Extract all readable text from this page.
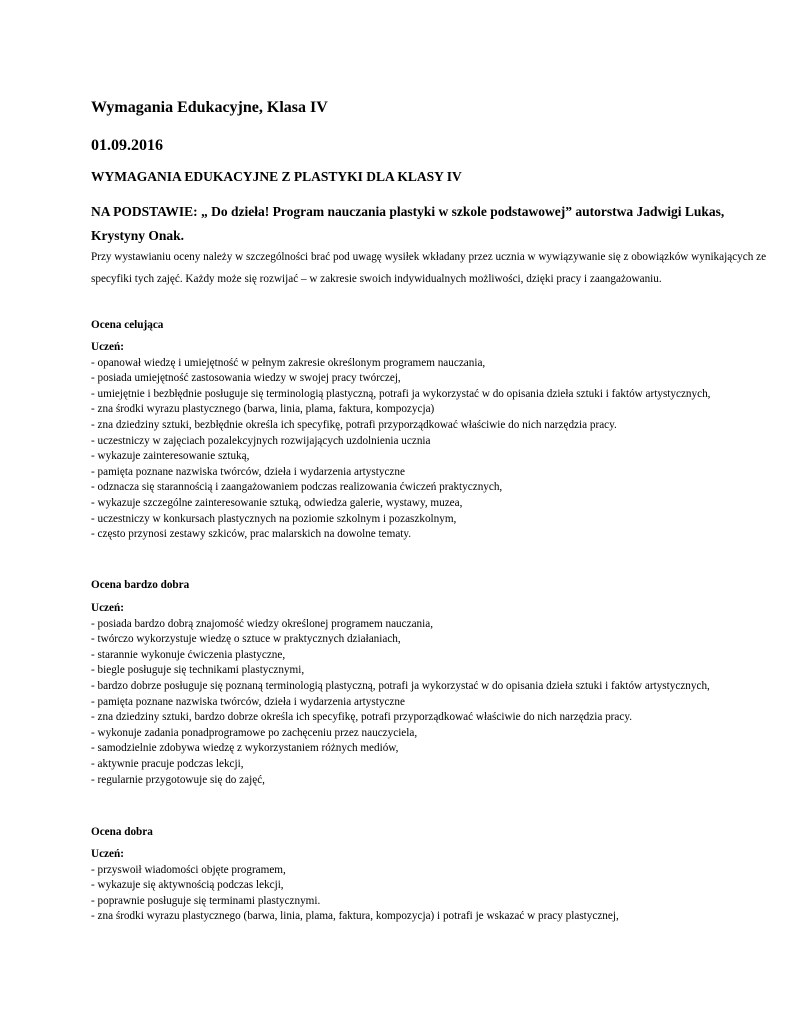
Wymagania Edukacyjne, Klasa IV
01.09.2016
WYMAGANIA EDUKACYJNE Z PLASTYKI DLA KLASY IV
NA PODSTAWIE: „ Do dzieła! Program nauczania plastyki w szkole podstawowej” autorstwa Jadwigi Lukas, Krystyny Onak.
Przy wystawianiu oceny należy w szczególności brać pod uwagę wysiłek wkładany przez ucznia w wywiązywanie się z obowiązków wynikających ze specyfiki tych zajęć. Każdy może się rozwijać – w zakresie swoich indywidualnych możliwości, dzięki pracy i zaangażowaniu.
Ocena celująca
Uczeń:
- opanował wiedzę i umiejętność w pełnym zakresie określonym programem nauczania,
- posiada umiejętność zastosowania wiedzy w swojej pracy twórczej,
- umiejętnie i bezbłędnie posługuje się terminologią plastyczną, potrafi ja wykorzystać w do opisania dzieła sztuki i faktów artystycznych,
- zna środki wyrazu plastycznego (barwa, linia, plama, faktura, kompozycja)
- zna dziedziny sztuki, bezbłędnie określa ich specyfikę, potrafi przyporządkować właściwie do nich narzędzia pracy.
- uczestniczy w zajęciach pozalekcyjnych rozwijających uzdolnienia ucznia
- wykazuje zainteresowanie sztuką,
- pamięta poznane nazwiska twórców, dzieła i wydarzenia artystyczne
- odznacza się starannością i zaangażowaniem podczas realizowania ćwiczeń praktycznych,
- wykazuje szczególne zainteresowanie sztuką, odwiedza galerie, wystawy, muzea,
- uczestniczy w konkursach plastycznych na poziomie szkolnym i pozaszkolnym,
- często przynosi zestawy szkiców, prac malarskich na dowolne tematy.
Ocena bardzo dobra
Uczeń:
- posiada bardzo dobrą znajomość wiedzy określonej programem nauczania,
- twórczo wykorzystuje wiedzę o sztuce w praktycznych działaniach,
- starannie wykonuje ćwiczenia plastyczne,
- biegle posługuje się technikami plastycznymi,
- bardzo dobrze posługuje się poznaną terminologią plastyczną, potrafi ja wykorzystać w do opisania dzieła sztuki i faktów artystycznych,
- pamięta poznane nazwiska twórców, dzieła i wydarzenia artystyczne
- zna dziedziny sztuki, bardzo dobrze określa ich specyfikę, potrafi przyporządkować właściwie do nich narzędzia pracy.
- wykonuje zadania ponadprogramowe po zachęceniu przez nauczyciela,
- samodzielnie zdobywa wiedzę z wykorzystaniem różnych mediów,
- aktywnie pracuje podczas lekcji,
- regularnie przygotowuje się do zajęć,
Ocena dobra
Uczeń:
- przyswoił wiadomości objęte programem,
- wykazuje się aktywnością podczas lekcji,
- poprawnie posługuje się terminami plastycznymi.
- zna środki wyrazu plastycznego (barwa, linia, plama, faktura, kompozycja) i potrafi je wskazać w pracy plastycznej,
